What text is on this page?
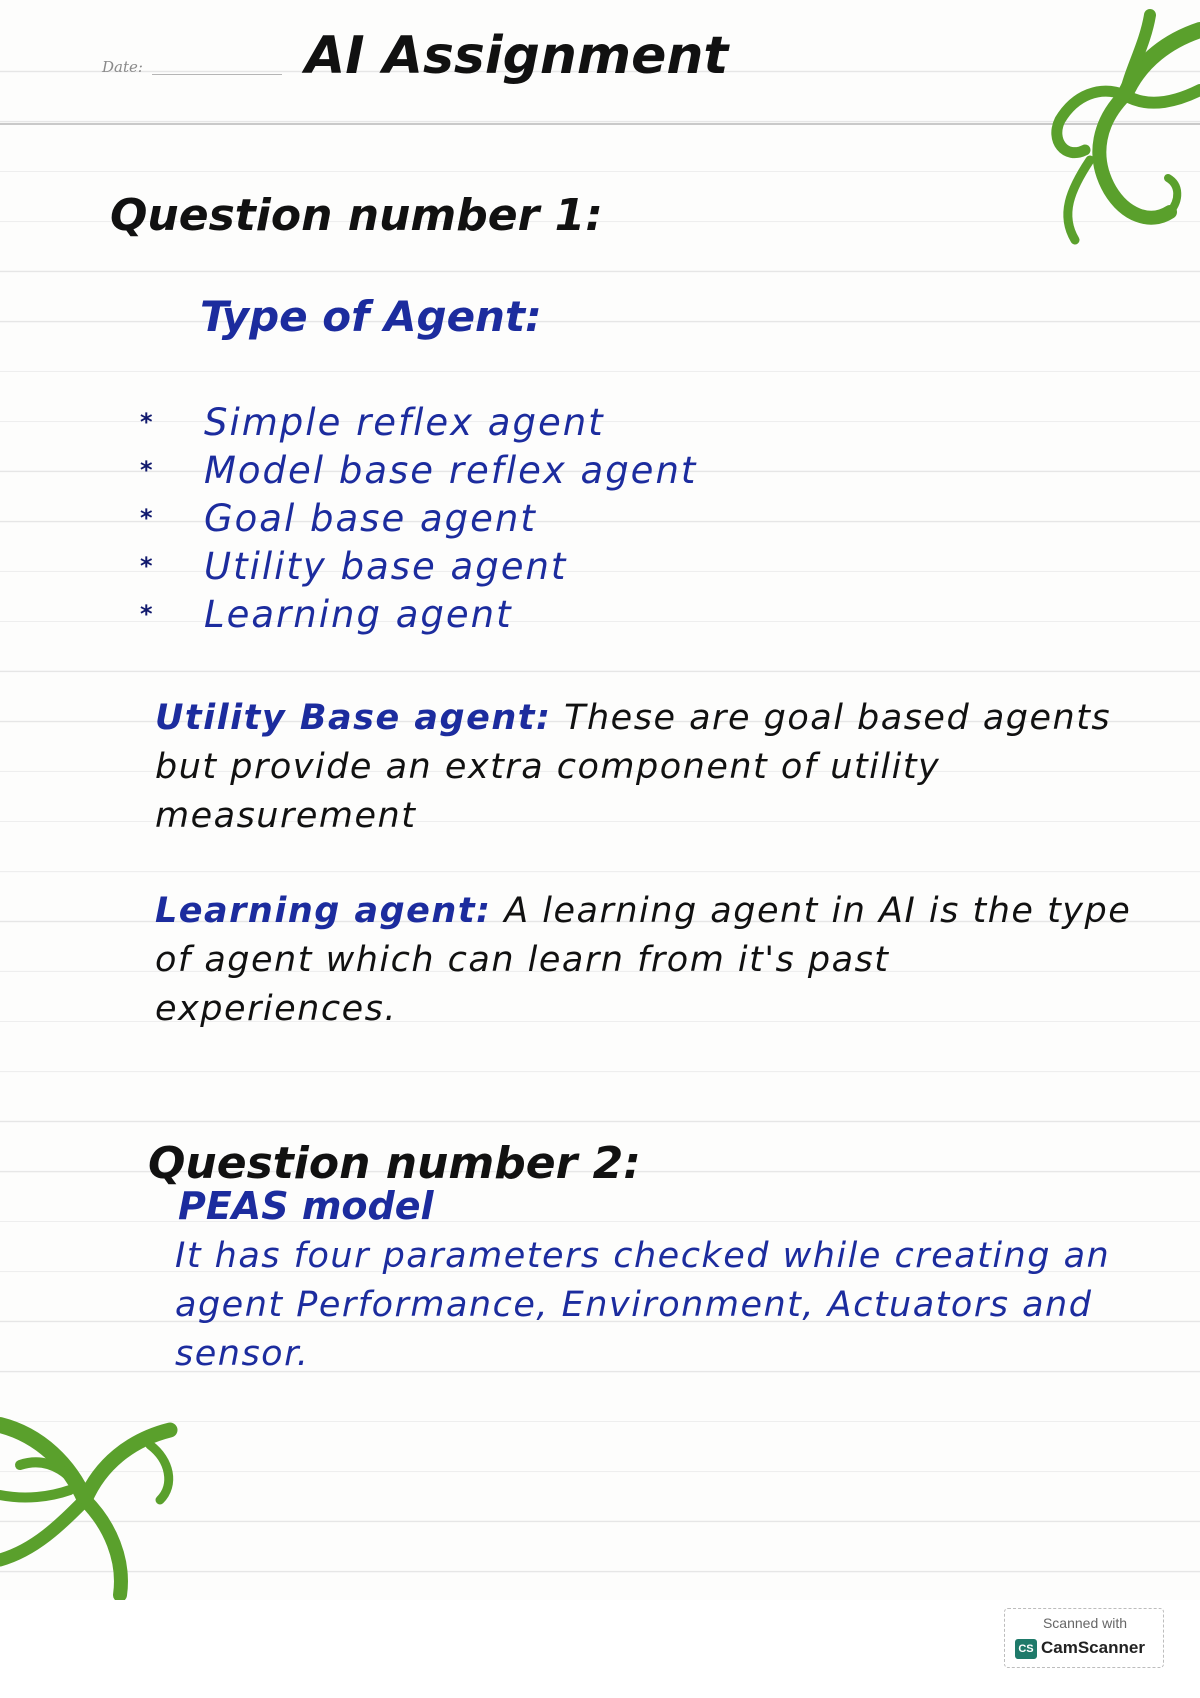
Date:	AI Assignment
Question number 1:
Type of Agent:
*	Simple reflex agent
*	Model base reflex agent
*	Goal base agent
*	Utility base agent
*	Learning agent

Utility Base agent: These are goal based agents but provide an extra component of utility measurement

Learning agent: A learning agent in AI is the type of agent which can learn from it's past experiences.

Question number 2:
PEAS model

It has four parameters checked while creating an agent Performance, Environment, Actuators and sensor.

Scanned with
CS CamScanner
